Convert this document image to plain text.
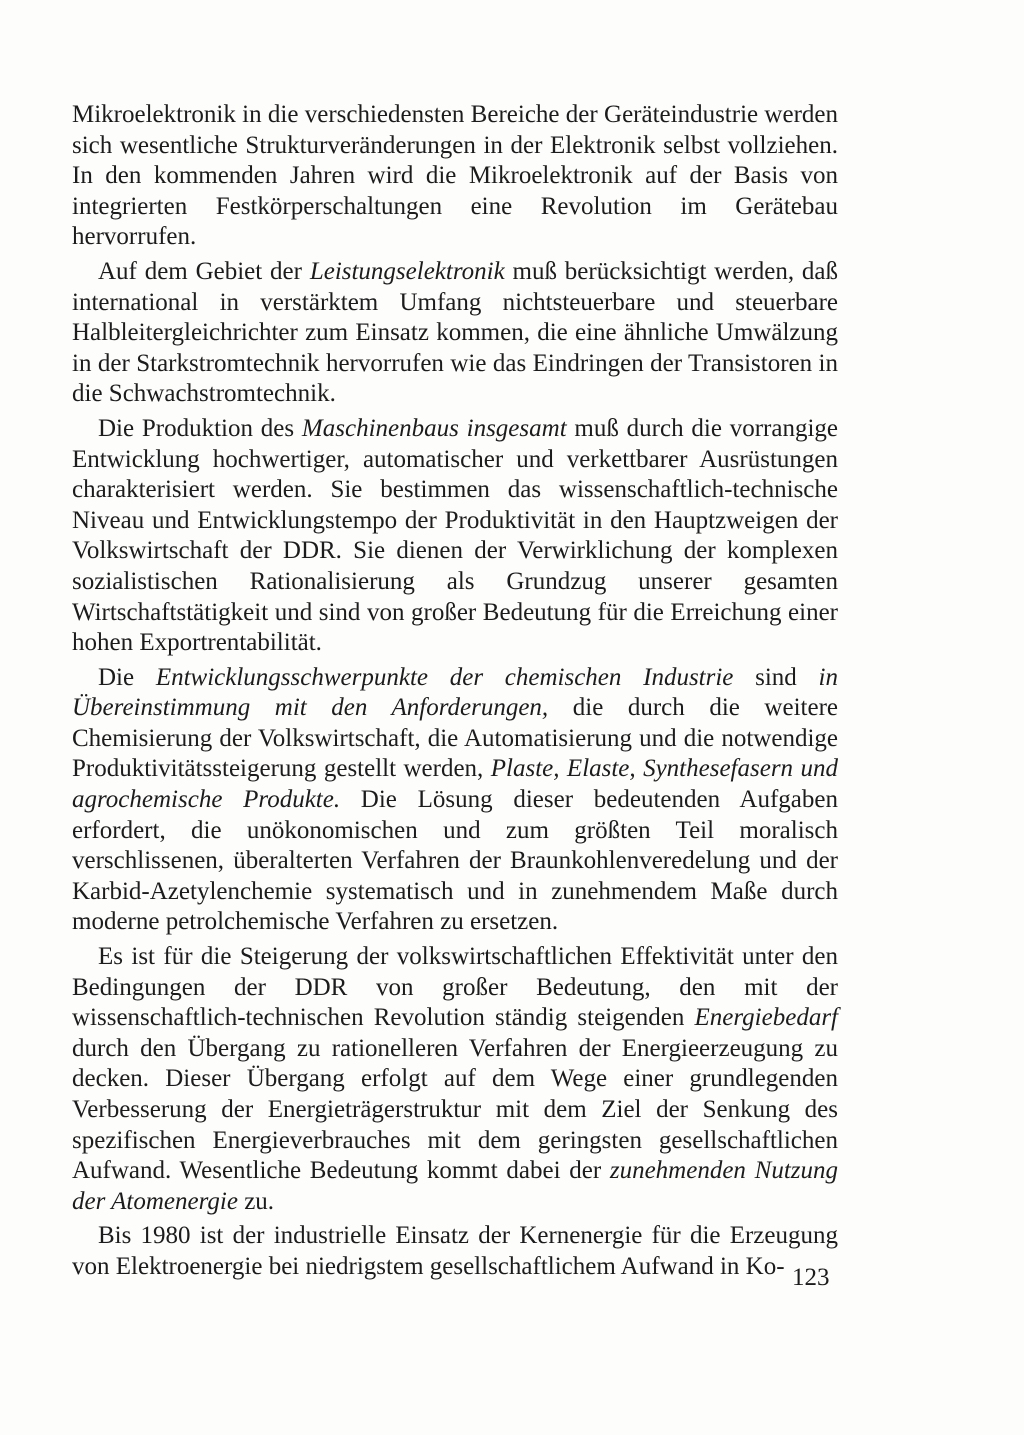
Mikroelektronik in die verschiedensten Bereiche der Geräteindustrie werden sich wesentliche Strukturveränderungen in der Elektronik selbst vollziehen. In den kommenden Jahren wird die Mikroelektronik auf der Basis von integrierten Festkörperschaltungen eine Revolution im Gerätebau hervorrufen.

Auf dem Gebiet der Leistungselektronik muß berücksichtigt werden, daß international in verstärktem Umfang nichtsteuerbare und steuerbare Halbleitergleichrichter zum Einsatz kommen, die eine ähnliche Umwälzung in der Starkstromtechnik hervorrufen wie das Eindringen der Transistoren in die Schwachstromtechnik.

Die Produktion des Maschinenbaus insgesamt muß durch die vorrangige Entwicklung hochwertiger, automatischer und verkettbarer Ausrüstungen charakterisiert werden. Sie bestimmen das wissenschaftlich-technische Niveau und Entwicklungstempo der Produktivität in den Hauptzweigen der Volkswirtschaft der DDR. Sie dienen der Verwirklichung der komplexen sozialistischen Rationalisierung als Grundzug unserer gesamten Wirtschaftstätigkeit und sind von großer Bedeutung für die Erreichung einer hohen Exportrentabilität.

Die Entwicklungsschwerpunkte der chemischen Industrie sind in Übereinstimmung mit den Anforderungen, die durch die weitere Chemisierung der Volkswirtschaft, die Automatisierung und die notwendige Produktivitätssteigerung gestellt werden, Plaste, Elaste, Synthesefasern und agrochemische Produkte. Die Lösung dieser bedeutenden Aufgaben erfordert, die unökonomischen und zum größten Teil moralisch verschlissenen, überalterten Verfahren der Braunkohlenveredelung und der Karbid-Azetylenchemie systematisch und in zunehmendem Maße durch moderne petrolchemische Verfahren zu ersetzen.

Es ist für die Steigerung der volkswirtschaftlichen Effektivität unter den Bedingungen der DDR von großer Bedeutung, den mit der wissenschaftlich-technischen Revolution ständig steigenden Energiebedarf durch den Übergang zu rationelleren Verfahren der Energieerzeugung zu decken. Dieser Übergang erfolgt auf dem Wege einer grundlegenden Verbesserung der Energieträgerstruktur mit dem Ziel der Senkung des spezifischen Energieverbrauches mit dem geringsten gesellschaftlichen Aufwand. Wesentliche Bedeutung kommt dabei der zunehmenden Nutzung der Atomenergie zu.

Bis 1980 ist der industrielle Einsatz der Kernenergie für die Erzeugung von Elektroenergie bei niedrigstem gesellschaftlichem Aufwand in Ko- 123
